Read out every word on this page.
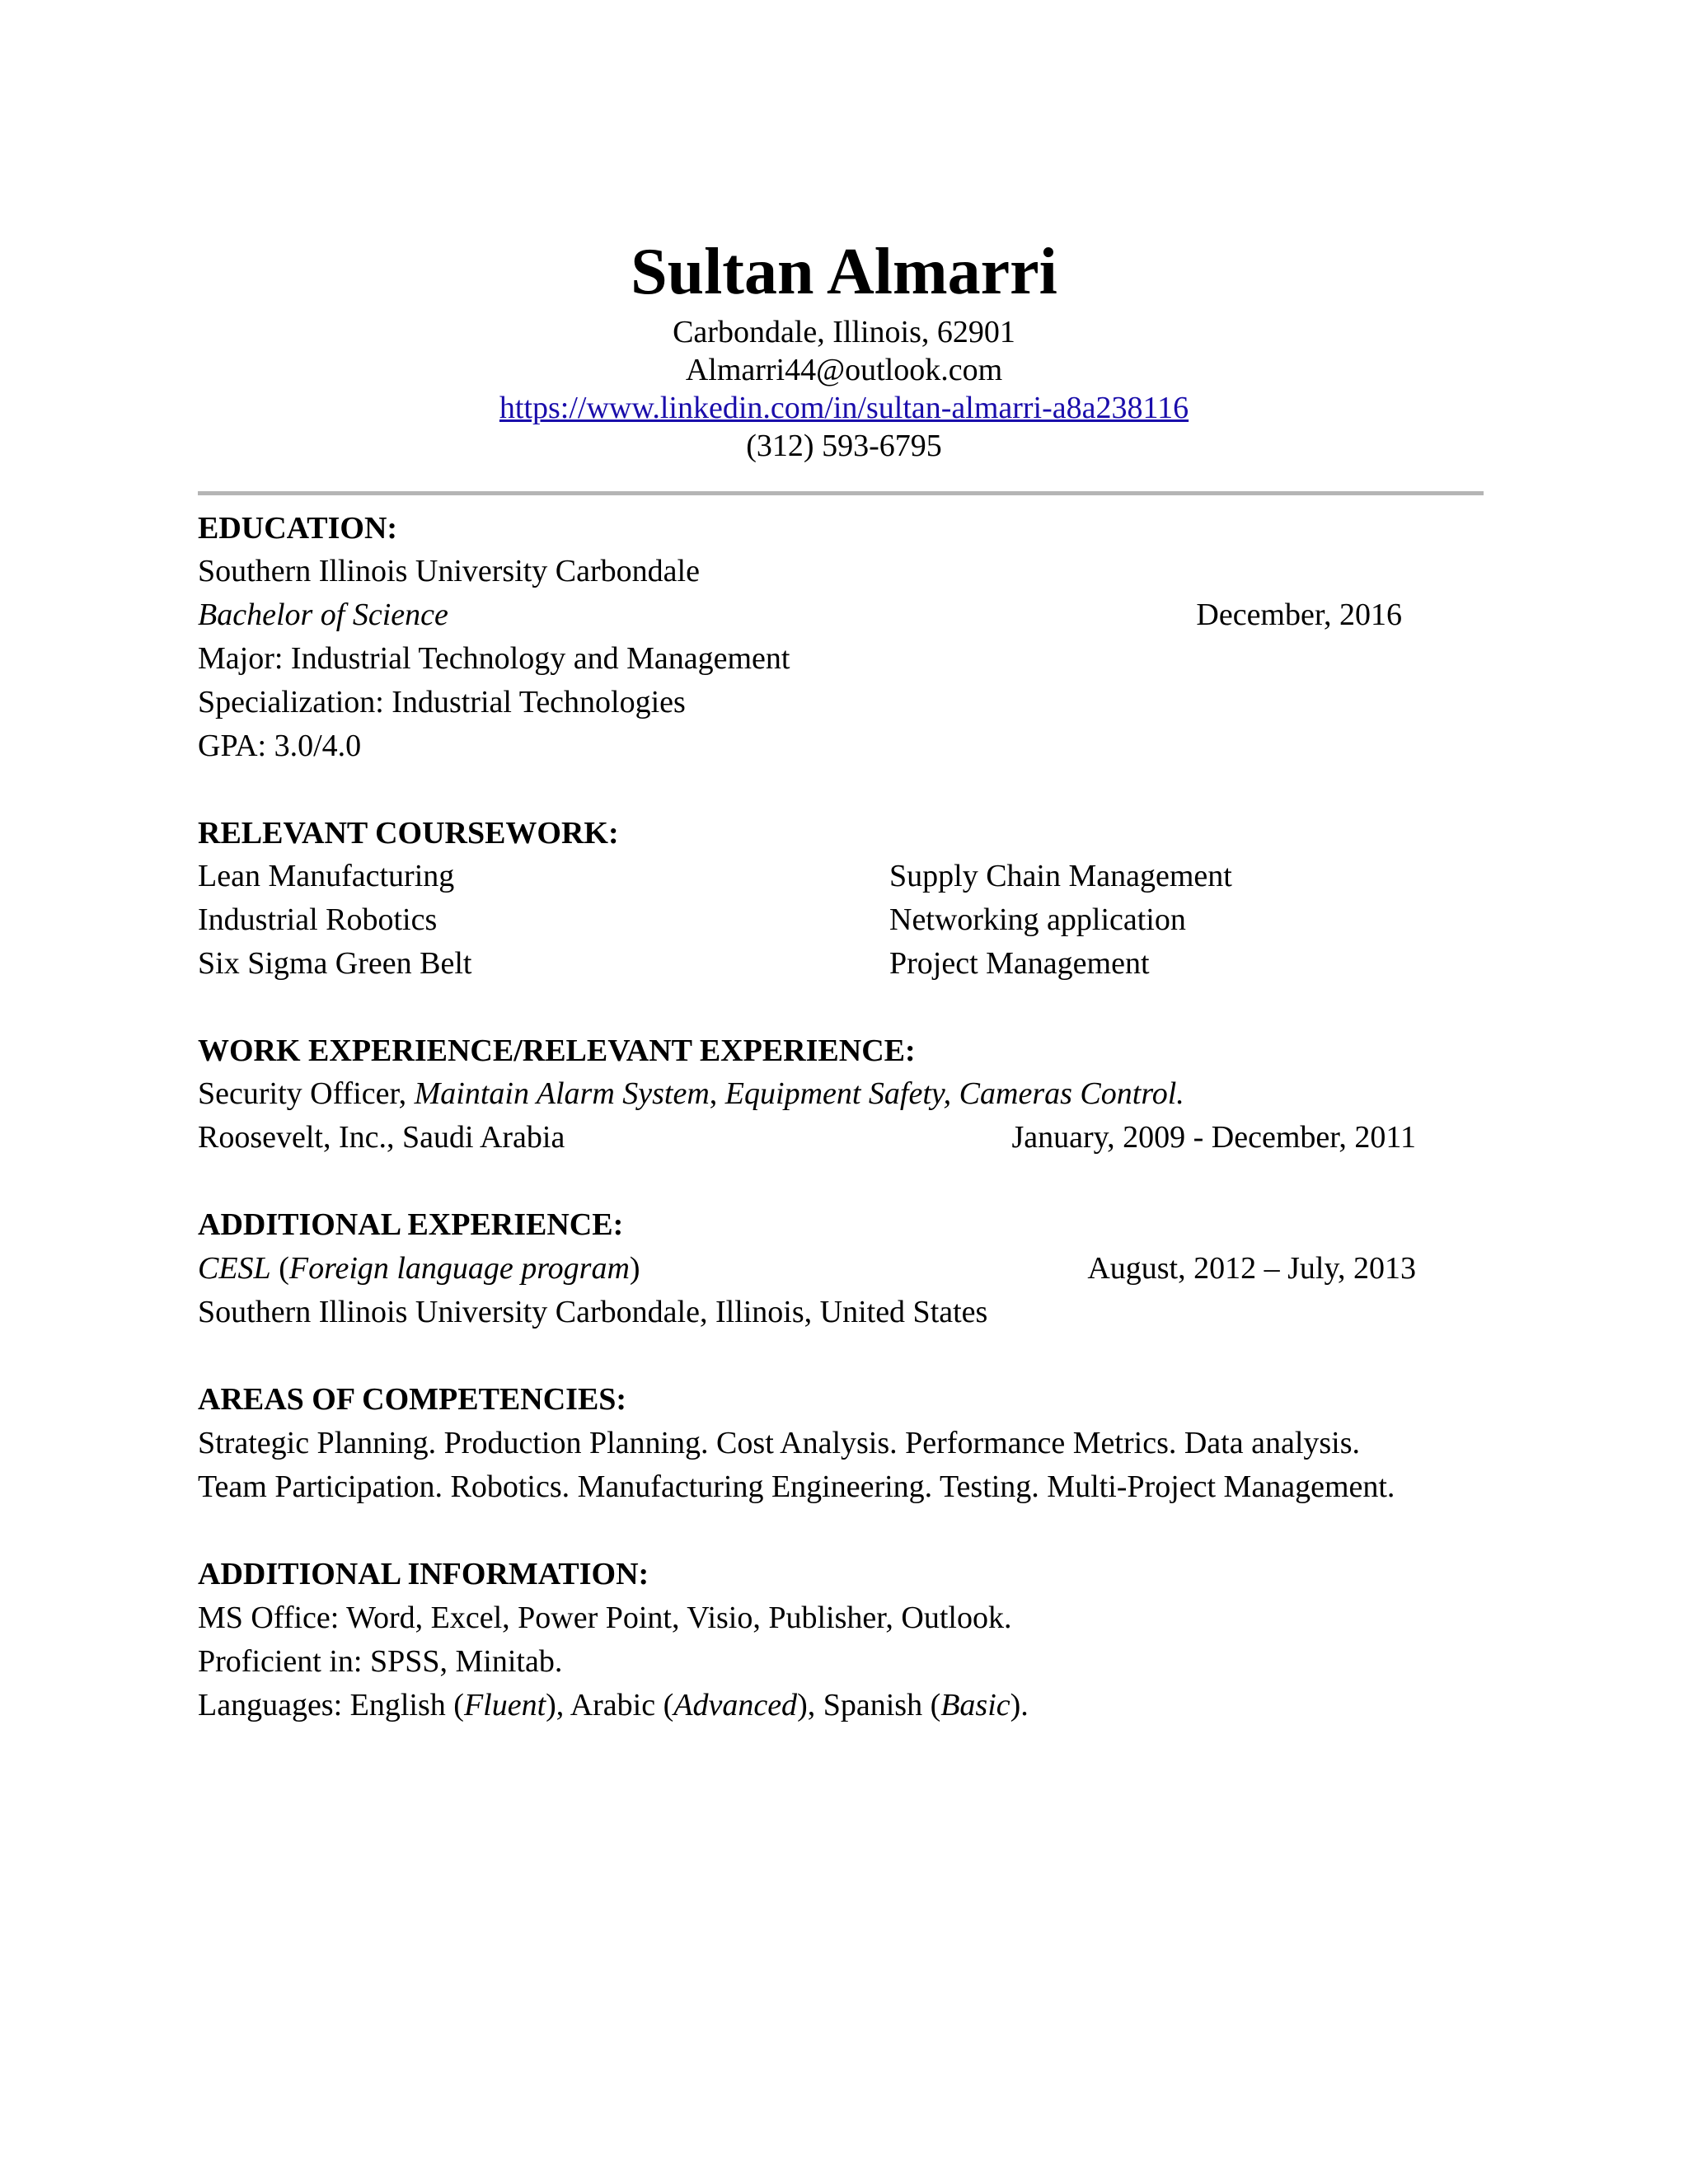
Sultan Almarri
Carbondale, Illinois, 62901
Almarri44@outlook.com
https://www.linkedin.com/in/sultan-almarri-a8a238116
(312) 593-6795
EDUCATION:
Southern Illinois University Carbondale
Bachelor of Science	December, 2016
Major: Industrial Technology and Management
Specialization: Industrial Technologies
GPA: 3.0/4.0
RELEVANT COURSEWORK:
Lean Manufacturing	Supply Chain Management
Industrial Robotics	Networking application
Six Sigma Green Belt	Project Management
WORK EXPERIENCE/RELEVANT EXPERIENCE:
Security Officer, Maintain Alarm System, Equipment Safety, Cameras Control.
Roosevelt, Inc., Saudi Arabia	January, 2009 - December, 2011
ADDITIONAL EXPERIENCE:
CESL (Foreign language program)	August, 2012 – July, 2013
Southern Illinois University Carbondale, Illinois, United States
AREAS OF COMPETENCIES:
Strategic Planning. Production Planning. Cost Analysis. Performance Metrics. Data analysis.
Team Participation. Robotics. Manufacturing Engineering. Testing. Multi-Project Management.
ADDITIONAL INFORMATION:
MS Office: Word, Excel, Power Point, Visio, Publisher, Outlook.
Proficient in: SPSS, Minitab.
Languages: English (Fluent), Arabic (Advanced), Spanish (Basic).
